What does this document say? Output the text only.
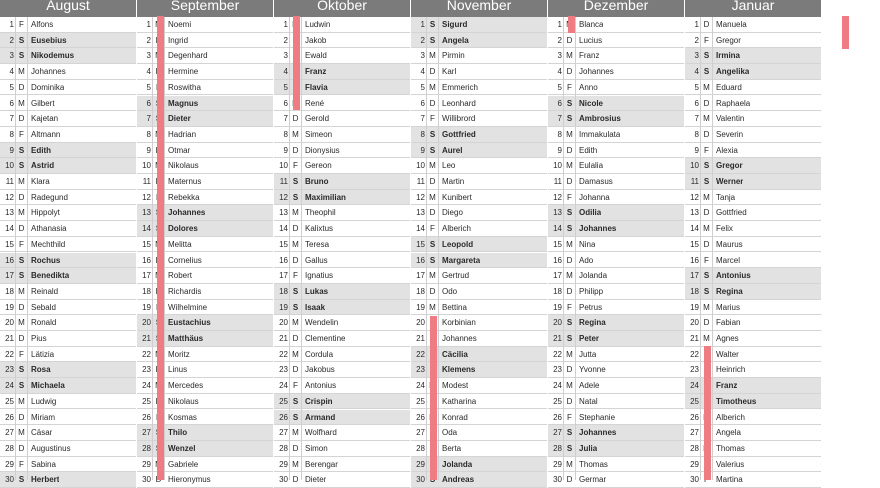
August
1 F Alfons
2 S Eusebius
3 S Nikodemus
4 M Johannes
5 D Dominika
6 M Gilbert
7 D Kajetan
8 F Altmann
9 S Edith
10 S Astrid
11 M Klara
12 D Radegund
13 M Hippolyt
14 D Athanasia
15 F Mechthild
16 S Rochus
17 S Benedikta
18 M Reinald
19 D Sebald
20 M Ronald
21 D Pius
22 F Lätizia
23 S Rosa
24 S Michaela
25 M Ludwig
26 D Miriam
27 M Cäsar
28 D Augustinus
29 F Sabina
30 S Herbert
September
1 Noemi
2 Ingrid
3 Degenhard
4 Hermine
5 Roswitha
6 Magnus
7 Dieter
8 Hadrian
9 Otmar
10 Nikolaus
11 Maternus
12 Rebekka
13 Johannes
14 Dolores
15 Melitta
16 Cornelius
17 Robert
18 Richardis
19 Wilhelmine
20 Eustachius
21 Matthäus
22 Moritz
23 Linus
24 Mercedes
25 Nikolaus
26 Kosmas
27 Thilo
28 Wenzel
29 Gabriele
30 Hieronymus
Oktober
1 Ludwin
2 Jakob
3 Ewald
4 Franz
5 Flavia
6 René
7 D Gerold
8 M Simeon
9 D Dionysius
10 F Gereon
11 S Bruno
12 S Maximilian
13 M Theophil
14 D Kalixtus
15 M Teresa
16 D Gallus
17 F Ignatius
18 S Lukas
19 S Isaak
20 M Wendelin
21 D Clementine
22 M Cordula
23 D Jakobus
24 F Antonius
25 S Crispin
26 S Armand
27 M Wolfhard
28 D Simon
29 M Berengar
30 D Dieter
November
1 S Sigurd
2 S Angela
3 M Pirmin
4 D Karl
5 M Emmerich
6 D Leonhard
7 F Willibrord
8 S Gottfried
9 S Aurel
10 M Leo
11 D Martin
12 M Kunibert
13 D Diego
14 F Alberich
15 S Leopold
16 S Margareta
17 M Gertrud
18 D Odo
19 M Bettina
20 Korbinian
21 Johannes
22 Cäcilia
23 Klemens
24 Modest
25 Katharina
26 Konrad
27 Oda
28 Berta
29 Jolanda
30 Andreas
Dezember
1 Blanca
2 D Lucius
3 M Franz
4 D Johannes
5 F Anno
6 S Nicole
7 S Ambrosius
8 M Immakulata
9 D Edith
10 M Eulalia
11 D Damasus
12 F Johanna
13 S Odilia
14 S Johannes
15 M Nina
16 D Ado
17 M Jolanda
18 D Philipp
19 F Petrus
20 S Regina
21 S Peter
22 M Jutta
23 D Yvonne
24 M Adele
25 D Natal
26 F Stephanie
27 S Johannes
28 S Julia
29 M Thomas
30 D Germar
Januar
1 D Manuela
2 F Gregor
3 S Irmina
4 S Angelika
5 M Eduard
6 D Raphaela
7 M Valentin
8 D Severin
9 F Alexia
10 S Gregor
11 S Werner
12 M Tanja
13 D Gottfried
14 M Felix
15 D Maurus
16 F Marcel
17 S Antonius
18 S Regina
19 M Marius
20 D Fabian
21 M Agnes
22 Walter
23 Heinrich
24 Franz
25 Timotheus
26 Alberich
27 Angela
28 Thomas
29 Valerius
30 Martina
